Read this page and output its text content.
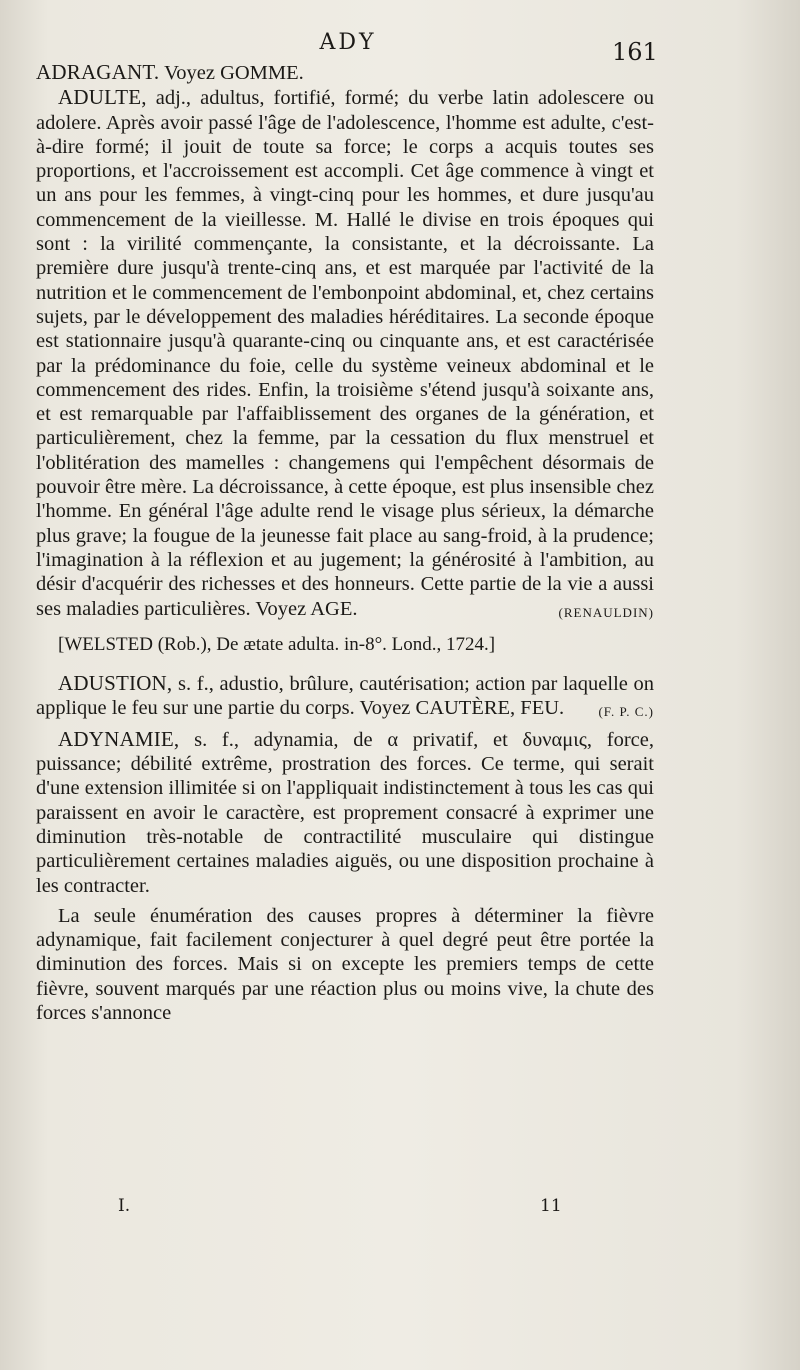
ADY	161

ADRAGANT. Voyez GOMME.

ADULTE, adj., adultus, fortifié, formé; du verbe latin adolescere ou adolere. Après avoir passé l'âge de l'adolescence, l'homme est adulte, c'est-à-dire formé; il jouit de toute sa force; le corps a acquis toutes ses proportions, et l'accroissement est accompli. Cet âge commence à vingt et un ans pour les femmes, à vingt-cinq pour les hommes, et dure jusqu'au commencement de la vieillesse. M. Hallé le divise en trois époques qui sont : la virilité commençante, la consistante, et la décroissante. La première dure jusqu'à trente-cinq ans, et est marquée par l'activité de la nutrition et le commencement de l'embonpoint abdominal, et, chez certains sujets, par le développement des maladies héréditaires. La seconde époque est stationnaire jusqu'à quarante-cinq ou cinquante ans, et est caractérisée par la prédominance du foie, celle du système veineux abdominal et le commencement des rides. Enfin, la troisième s'étend jusqu'à soixante ans, et est remarquable par l'affaiblissement des organes de la génération, et particulièrement, chez la femme, par la cessation du flux menstruel et l'oblitération des mamelles : changemens qui l'empêchent désormais de pouvoir être mère. La décroissance, à cette époque, est plus insensible chez l'homme. En général l'âge adulte rend le visage plus sérieux, la démarche plus grave; la fougue de la jeunesse fait place au sang-froid, à la prudence; l'imagination à la réflexion et au jugement; la générosité à l'ambition, au désir d'acquérir des richesses et des honneurs. Cette partie de la vie a aussi ses maladies particulières. Voyez AGE.	(RENAULDIN)

[WELSTED (Rob.), De ætate adulta. in-8°. Lond., 1724.]

ADUSTION, s. f., adustio, brûlure, cautérisation; action par laquelle on applique le feu sur une partie du corps. Voyez CAUTÈRE, FEU.	(F. P. C.)

ADYNAMIE, s. f., adynamia, de α privatif, et δυναμις, force, puissance; débilité extrême, prostration des forces. Ce terme, qui serait d'une extension illimitée si on l'appliquait indistinctement à tous les cas qui paraissent en avoir le caractère, est proprement consacré à exprimer une diminution très-notable de contractilité musculaire qui distingue particulièrement certaines maladies aiguës, ou une disposition prochaine à les contracter.

La seule énumération des causes propres à déterminer la fièvre adynamique, fait facilement conjecturer à quel degré peut être portée la diminution des forces. Mais si on excepte les premiers temps de cette fièvre, souvent marqués par une réaction plus ou moins vive, la chute des forces s'annonce

I.	11
